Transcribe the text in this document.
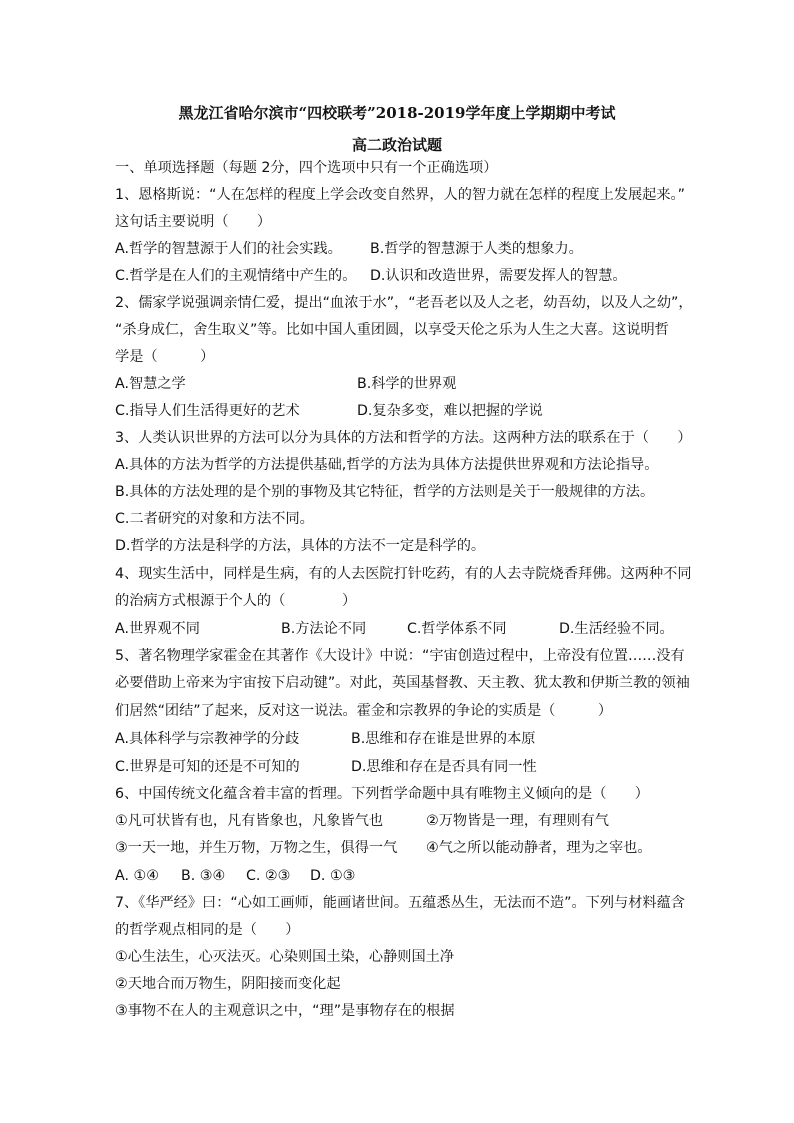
黑龙江省哈尔滨市“四校联考”2018-2019学年度上学期期中考试
高二政治试题
一、单项选择题（每题 2分，四个选项中只有一个正确选项）
1、恩格斯说：“人在怎样的程度上学会改变自然界，人的智力就在怎样的程度上发展起来。”
这句话主要说明（　　）
A.哲学的智慧源于人们的社会实践。 B.哲学的智慧源于人类的想象力。
C.哲学是在人们的主观情绪中产生的。 D.认识和改造世界，需要发挥人的智慧。
2、儒家学说强调亲情仁爱，提出“血浓于水”，“老吾老以及人之老，幼吾幼，以及人之幼”，
“杀身成仁，舍生取义”等。比如中国人重团圆，以享受天伦之乐为人生之大喜。这说明哲
学是（　　　）
A.智慧之学	B.科学的世界观
C.指导人们生活得更好的艺术	D.复杂多变，难以把握的学说
3、人类认识世界的方法可以分为具体的方法和哲学的方法。这两种方法的联系在于（　　）
A.具体的方法为哲学的方法提供基础,哲学的方法为具体方法提供世界观和方法论指导。
B.具体的方法处理的是个别的事物及其它特征，哲学的方法则是关于一般规律的方法。
C.二者研究的对象和方法不同。
D.哲学的方法是科学的方法，具体的方法不一定是科学的。
4、现实生活中，同样是生病，有的人去医院打针吃药，有的人去寺院烧香拜佛。这两种不同
的治病方式根源于个人的（　　　　）
A.世界观不同	B.方法论不同	C.哲学体系不同	D.生活经验不同。
5、著名物理学家霍金在其著作《大设计》中说：“宇宙创造过程中，上帝没有位置……没有
必要借助上帝来为宇宙按下启动键”。对此，英国基督教、天主教、犹太教和伊斯兰教的领袖
们居然“团结”了起来，反对这一说法。霍金和宗教界的争论的实质是（　　　）
A.具体科学与宗教神学的分歧	B.思维和存在谁是世界的本原
C.世界是可知的还是不可知的	D.思维和存在是否具有同一性
6、中国传统文化蕴含着丰富的哲理。下列哲学命题中具有唯物主义倾向的是（　　）
①凡可状皆有也，凡有皆象也，凡象皆气也	②万物皆是一理，有理则有气
③一天一地，并生万物，万物之生，俱得一气 ④气之所以能动静者，理为之宰也。
A. ①④ B. ③④ C. ②③ D. ①③
7、《华严经》曰：“心如工画师，能画诸世间。五蕴悉丛生，无法而不造”。下列与材料蕴含
的哲学观点相同的是（　　）
①心生法生，心灭法灭。心染则国土染，心静则国土净
②天地合而万物生，阴阳接而变化起
③事物不在人的主观意识之中，“理”是事物存在的根据
